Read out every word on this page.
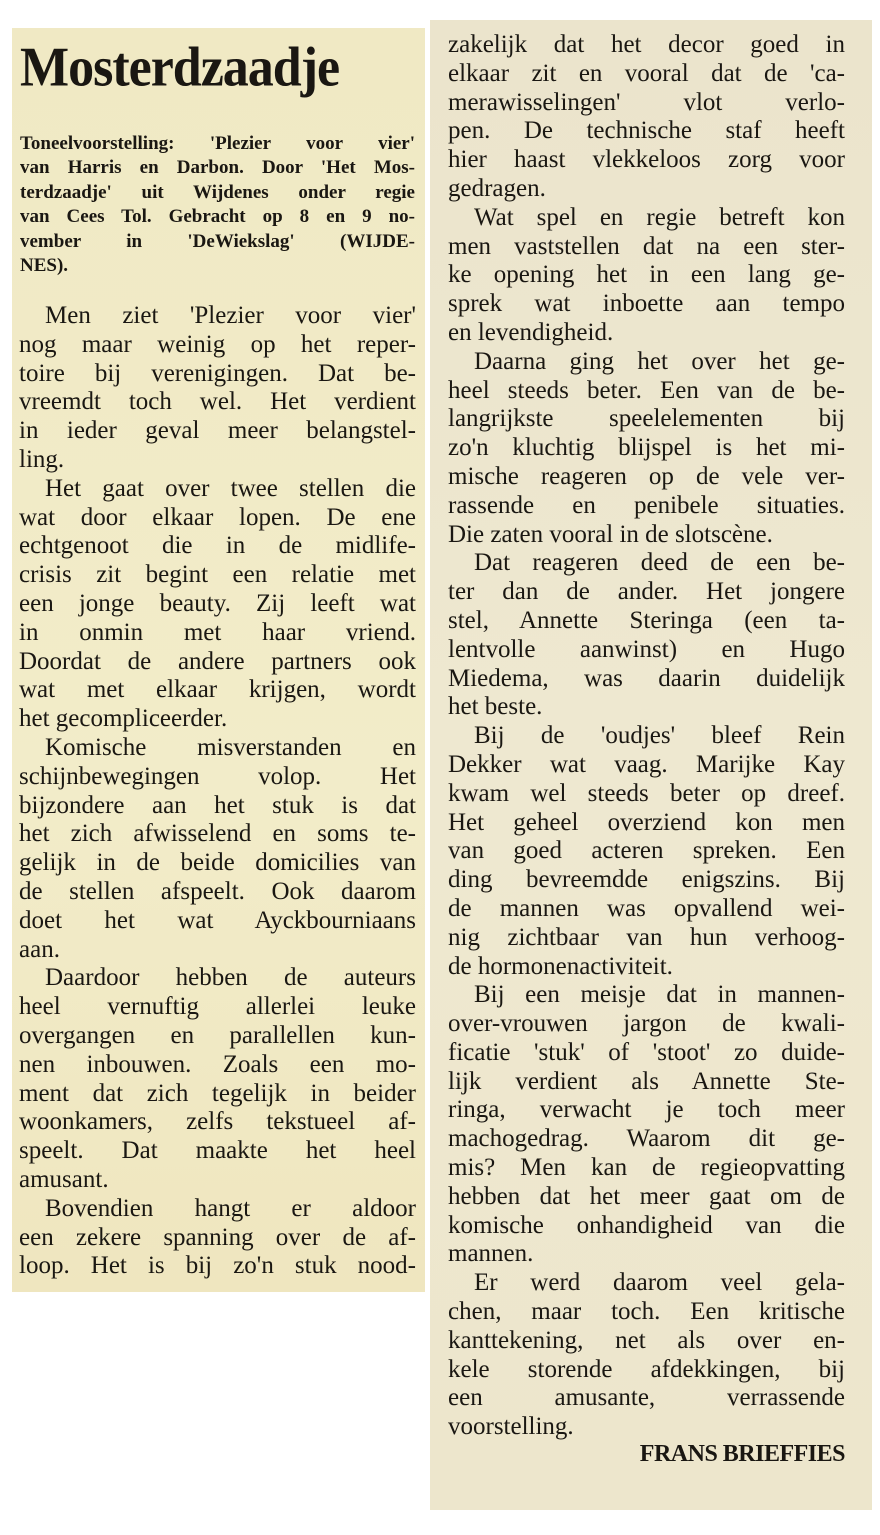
Mosterdzaadje
Toneelvoorstelling: 'Plezier voor vier'
van Harris en Darbon. Door 'Het Mos-
terdzaadje' uit Wijdenes onder regie
van Cees Tol. Gebracht op 8 en 9 no-
vember in 'DeWiekslag' (WIJDE-
NES).
Men ziet 'Plezier voor vier'
nog maar weinig op het reper-
toire bij verenigingen. Dat be-
vreemdt toch wel. Het verdient
in ieder geval meer belangstel-
ling.
Het gaat over twee stellen die
wat door elkaar lopen. De ene
echtgenoot die in de midlife-
crisis zit begint een relatie met
een jonge beauty. Zij leeft wat
in onmin met haar vriend.
Doordat de andere partners ook
wat met elkaar krijgen, wordt
het gecompliceerder.
Komische misverstanden en
schijnbewegingen volop. Het
bijzondere aan het stuk is dat
het zich afwisselend en soms te-
gelijk in de beide domicilies van
de stellen afspeelt. Ook daarom
doet het wat Ayckbourniaans
aan.
Daardoor hebben de auteurs
heel vernuftig allerlei leuke
overgangen en parallellen kun-
nen inbouwen. Zoals een mo-
ment dat zich tegelijk in beider
woonkamers, zelfs tekstueel af-
speelt. Dat maakte het heel
amusant.
Bovendien hangt er aldoor
een zekere spanning over de af-
loop. Het is bij zo'n stuk nood-
zakelijk dat het decor goed in
elkaar zit en vooral dat de 'ca-
merawisselingen' vlot verlo-
pen. De technische staf heeft
hier haast vlekkeloos zorg voor
gedragen.
Wat spel en regie betreft kon
men vaststellen dat na een ster-
ke opening het in een lang ge-
sprek wat inboette aan tempo
en levendigheid.
Daarna ging het over het ge-
heel steeds beter. Een van de be-
langrijkste speelelementen bij
zo'n kluchtig blijspel is het mi-
mische reageren op de vele ver-
rassende en penibele situaties.
Die zaten vooral in de slotscène.
Dat reageren deed de een be-
ter dan de ander. Het jongere
stel, Annette Steringa (een ta-
lentvolle aanwinst) en Hugo
Miedema, was daarin duidelijk
het beste.
Bij de 'oudjes' bleef Rein
Dekker wat vaag. Marijke Kay
kwam wel steeds beter op dreef.
Het geheel overziend kon men
van goed acteren spreken. Een
ding bevreemdde enigszins. Bij
de mannen was opvallend wei-
nig zichtbaar van hun verhoog-
de hormonenactiviteit.
Bij een meisje dat in mannen-
over-vrouwen jargon de kwali-
ficatie 'stuk' of 'stoot' zo duide-
lijk verdient als Annette Ste-
ringa, verwacht je toch meer
machogedrag. Waarom dit ge-
mis? Men kan de regieopvatting
hebben dat het meer gaat om de
komische onhandigheid van die
mannen.
Er werd daarom veel gela-
chen, maar toch. Een kritische
kanttekening, net als over en-
kele storende afdekkingen, bij
een amusante, verrassende
voorstelling.
FRANS BRIEFFIES
